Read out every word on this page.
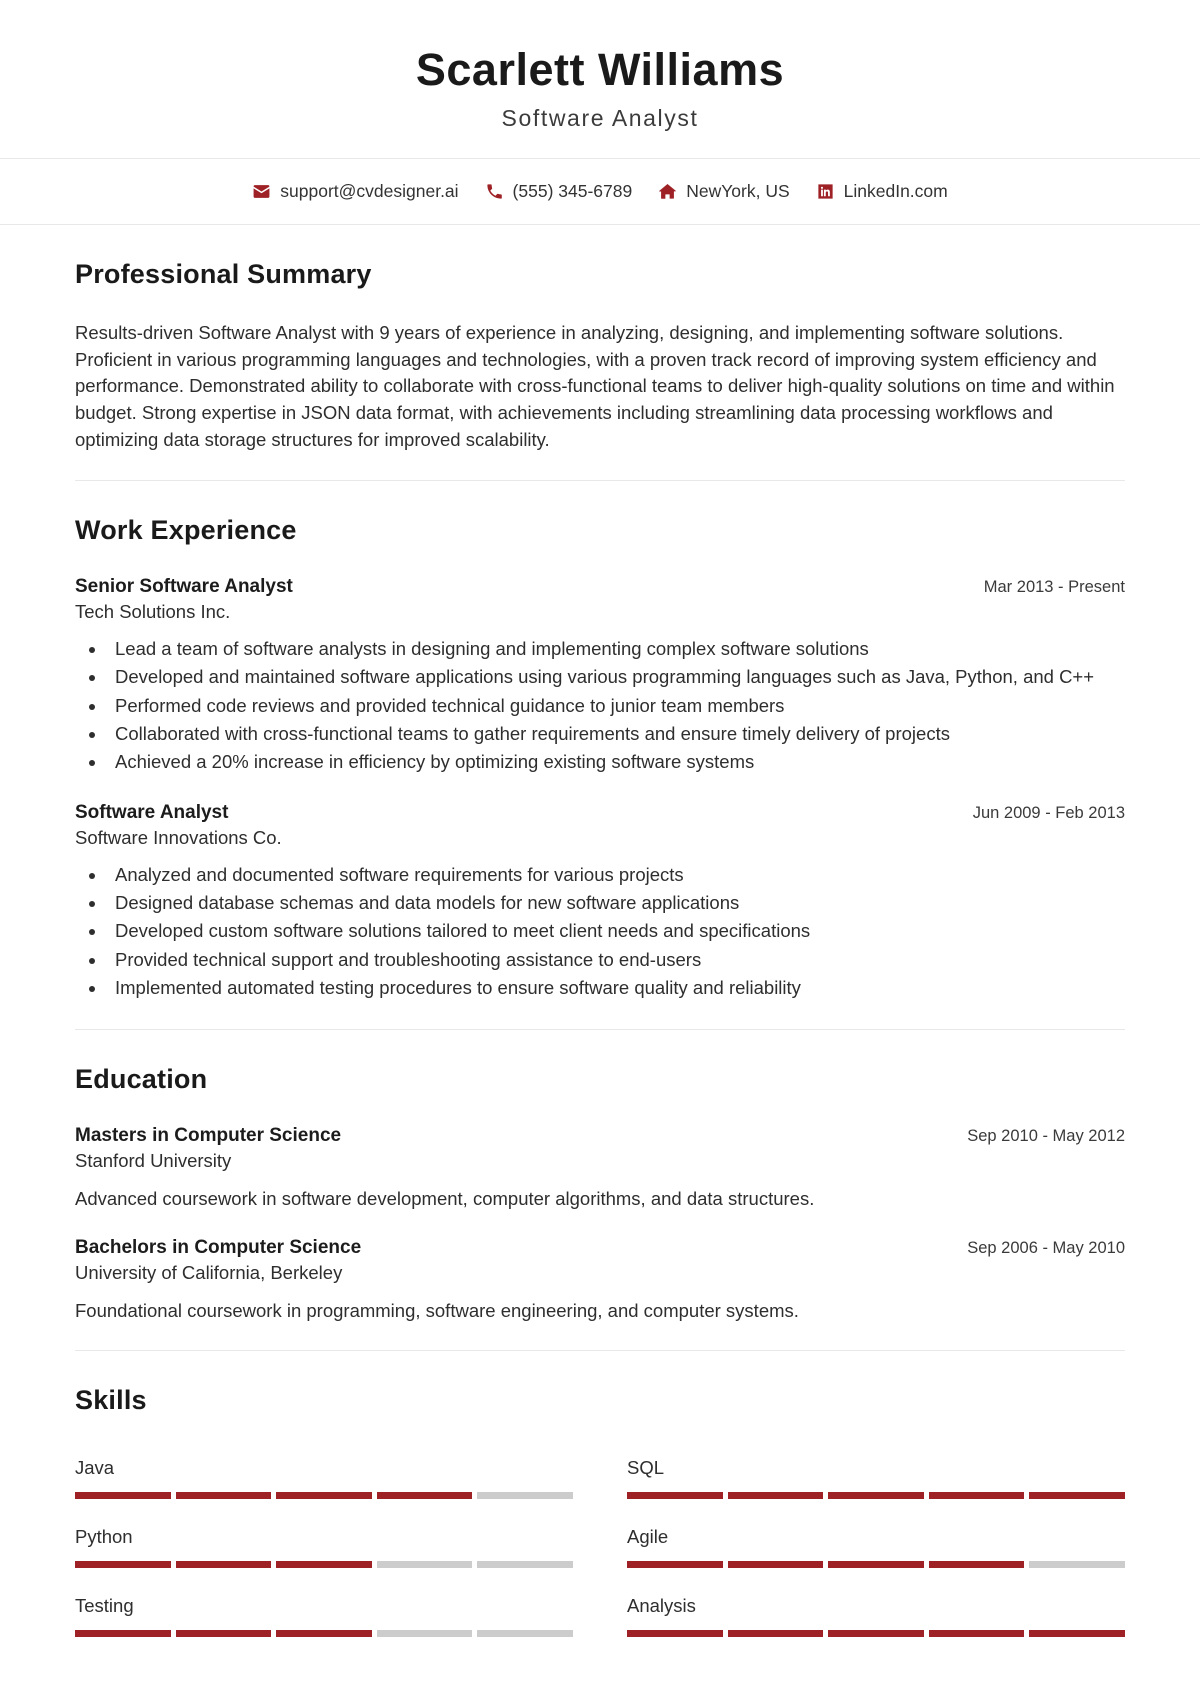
Scarlett Williams
Software Analyst
support@cvdesigner.ai	(555) 345-6789	NewYork, US	LinkedIn.com
Professional Summary
Results-driven Software Analyst with 9 years of experience in analyzing, designing, and implementing software solutions. Proficient in various programming languages and technologies, with a proven track record of improving system efficiency and performance. Demonstrated ability to collaborate with cross-functional teams to deliver high-quality solutions on time and within budget. Strong expertise in JSON data format, with achievements including streamlining data processing workflows and optimizing data storage structures for improved scalability.
Work Experience
Senior Software Analyst	Mar 2013 - Present
Tech Solutions Inc.
• Lead a team of software analysts in designing and implementing complex software solutions
• Developed and maintained software applications using various programming languages such as Java, Python, and C++
• Performed code reviews and provided technical guidance to junior team members
• Collaborated with cross-functional teams to gather requirements and ensure timely delivery of projects
• Achieved a 20% increase in efficiency by optimizing existing software systems
Software Analyst	Jun 2009 - Feb 2013
Software Innovations Co.
• Analyzed and documented software requirements for various projects
• Designed database schemas and data models for new software applications
• Developed custom software solutions tailored to meet client needs and specifications
• Provided technical support and troubleshooting assistance to end-users
• Implemented automated testing procedures to ensure software quality and reliability
Education
Masters in Computer Science	Sep 2010 - May 2012
Stanford University
Advanced coursework in software development, computer algorithms, and data structures.
Bachelors in Computer Science	Sep 2006 - May 2010
University of California, Berkeley
Foundational coursework in programming, software engineering, and computer systems.
Skills
Java	SQL
Python	Agile
Testing	Analysis
